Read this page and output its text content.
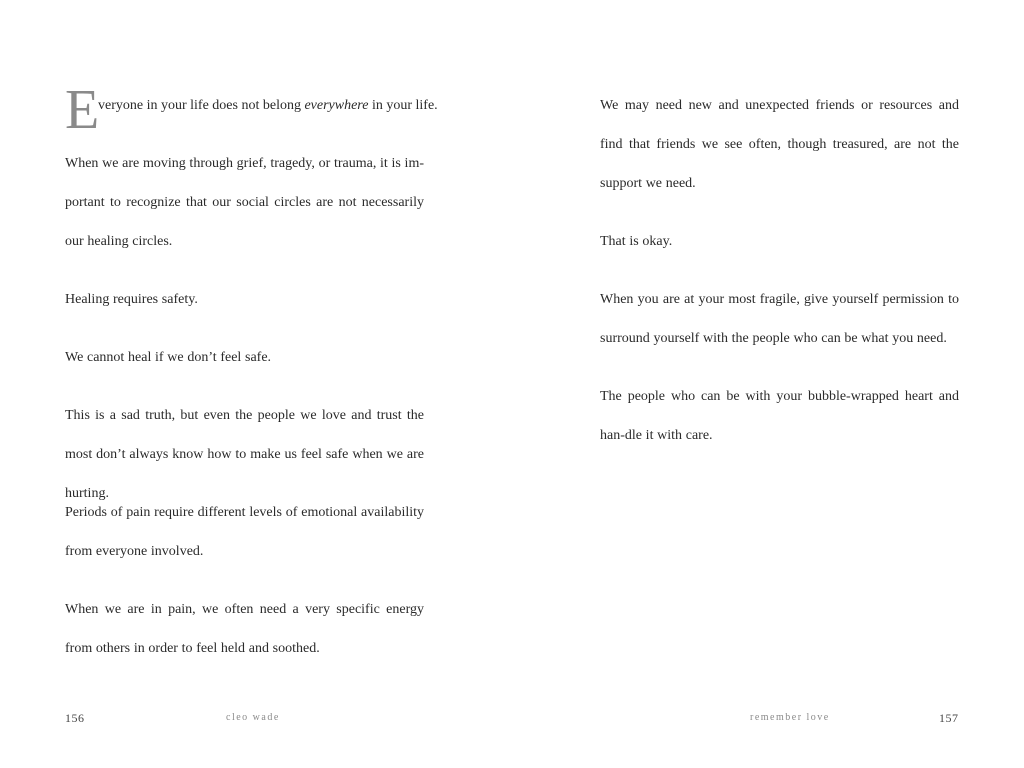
E

veryone in your life does not belong everywhere in your life.

When we are moving through grief, tragedy, or trauma, it is im-portant to recognize that our social circles are not necessarily our healing circles.

Healing requires safety.

We cannot heal if we don’t feel safe.

This is a sad truth, but even the people we love and trust the most don’t always know how to make us feel safe when we are hurting.

Periods of pain require different levels of emotional availability from everyone involved.

When we are in pain, we often need a very specific energy from others in order to feel held and soothed.

156	cleo wade

We may need new and unexpected friends or resources and find that friends we see often, though treasured, are not the support we need.

That is okay.

When you are at your most fragile, give yourself permission to surround yourself with the people who can be what you need.

The people who can be with your bubble-wrapped heart and han-dle it with care.

remember love	157
